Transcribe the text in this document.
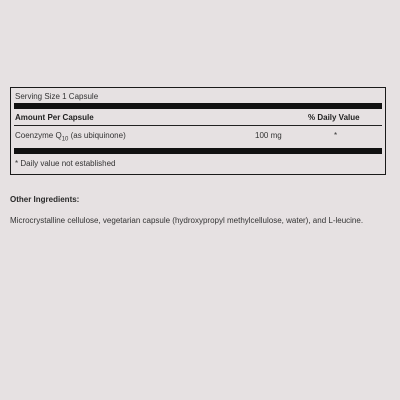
Serving Size 1 Capsule
Amount Per Capsule	% Daily Value
Coenzyme $Q_{10}$ (as ubiquinone)	100 mg	*
* Daily value not established
Other Ingredients:
Microcrystalline cellulose, vegetarian capsule (hydroxypropyl methylcellulose, water), and L-leucine.
